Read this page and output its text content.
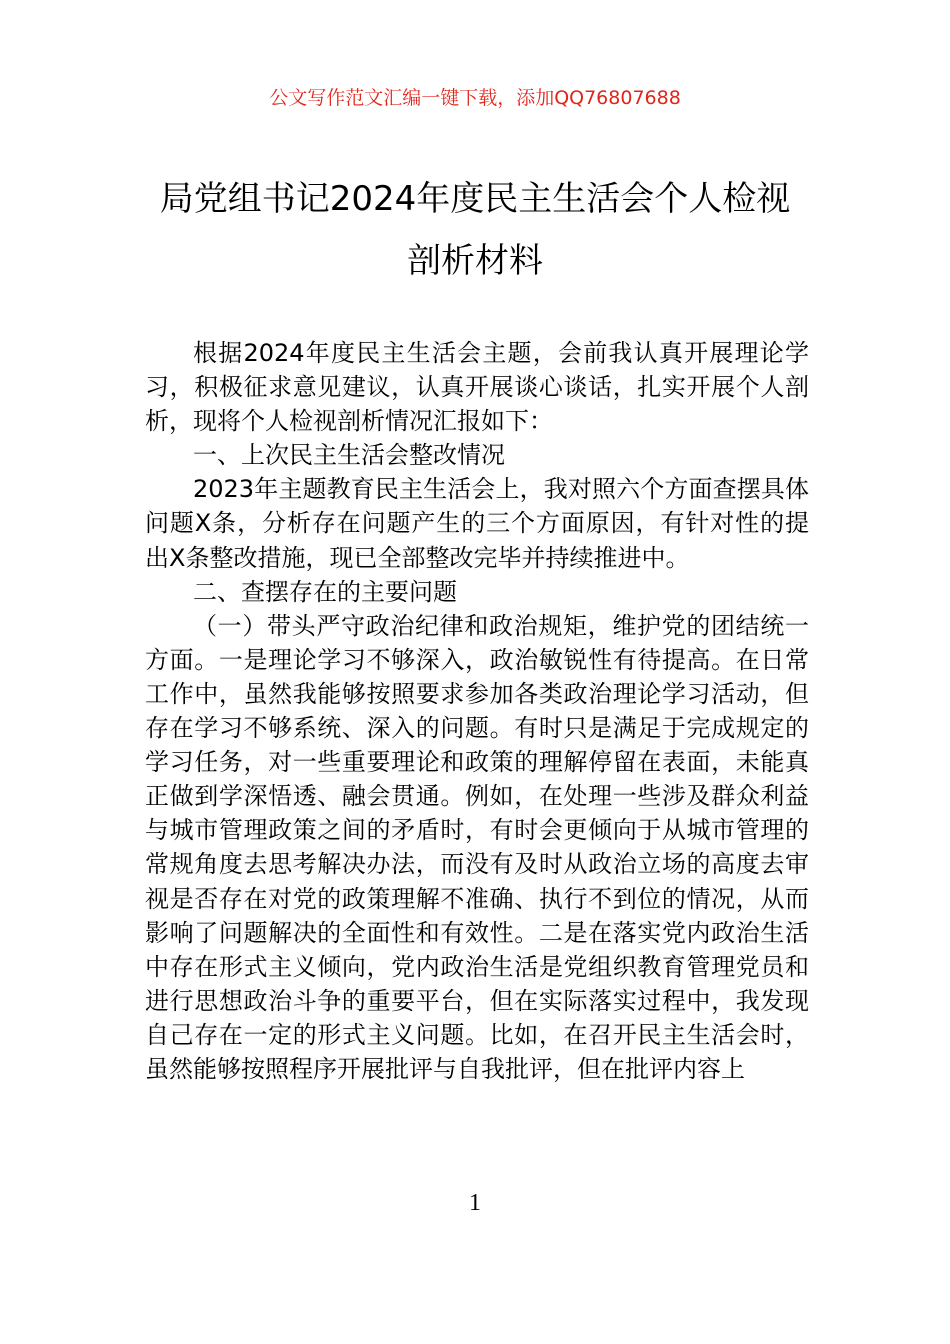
公文写作范文汇编一键下载，添加QQ76807688

局党组书记2024年度民主生活会个人检视
剖析材料

根据2024年度民主生活会主题，会前我认真开展理论学习，积极征求意见建议，认真开展谈心谈话，扎实开展个人剖析，现将个人检视剖析情况汇报如下：

一、上次民主生活会整改情况

2023年主题教育民主生活会上，我对照六个方面查摆具体问题X条，分析存在问题产生的三个方面原因，有针对性的提出X条整改措施，现已全部整改完毕并持续推进中。

二、查摆存在的主要问题

（一）带头严守政治纪律和政治规矩，维护党的团结统一方面。一是理论学习不够深入，政治敏锐性有待提高。在日常工作中，虽然我能够按照要求参加各类政治理论学习活动，但存在学习不够系统、深入的问题。有时只是满足于完成规定的学习任务，对一些重要理论和政策的理解停留在表面，未能真正做到学深悟透、融会贯通。例如，在处理一些涉及群众利益与城市管理政策之间的矛盾时，有时会更倾向于从城市管理的常规角度去思考解决办法，而没有及时从政治立场的高度去审视是否存在对党的政策理解不准确、执行不到位的情况，从而影响了问题解决的全面性和有效性。二是在落实党内政治生活中存在形式主义倾向，党内政治生活是党组织教育管理党员和进行思想政治斗争的重要平台，但在实际落实过程中，我发现自己存在一定的形式主义问题。比如，在召开民主生活会时，虽然能够按照程序开展批评与自我批评，但在批评内容上

1
